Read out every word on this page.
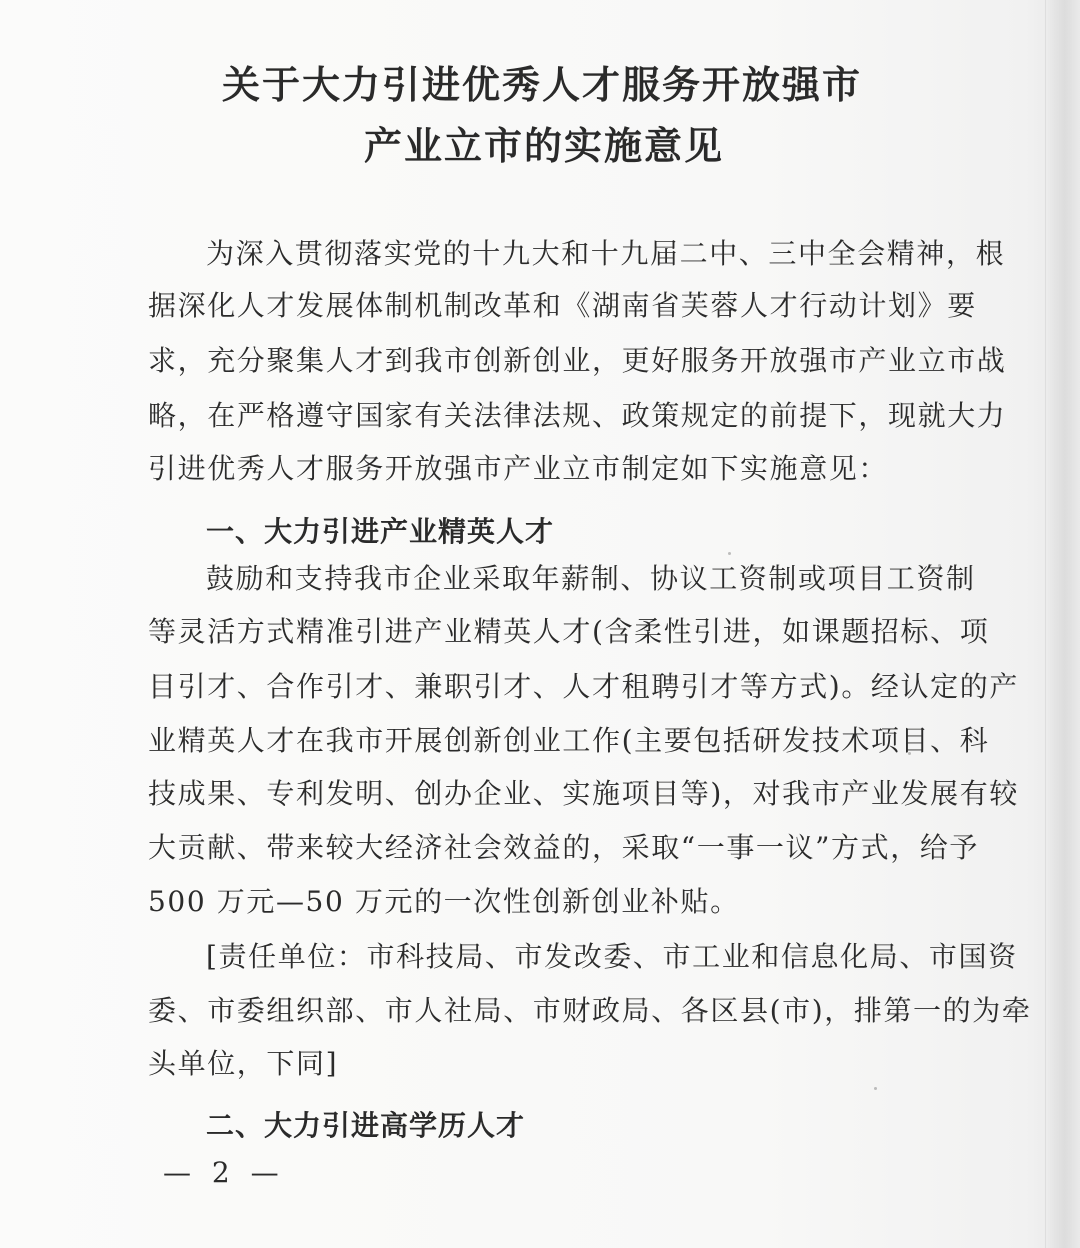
关于大力引进优秀人才服务开放强市
产业立市的实施意见
为深入贯彻落实党的十九大和十九届二中、三中全会精神，根
据深化人才发展体制机制改革和《湖南省芙蓉人才行动计划》要
求，充分聚集人才到我市创新创业，更好服务开放强市产业立市战
略，在严格遵守国家有关法律法规、政策规定的前提下，现就大力
引进优秀人才服务开放强市产业立市制定如下实施意见：
一、大力引进产业精英人才
鼓励和支持我市企业采取年薪制、协议工资制或项目工资制
等灵活方式精准引进产业精英人才(含柔性引进，如课题招标、项
目引才、合作引才、兼职引才、人才租聘引才等方式)。经认定的产
业精英人才在我市开展创新创业工作(主要包括研发技术项目、科
技成果、专利发明、创办企业、实施项目等)，对我市产业发展有较
大贡献、带来较大经济社会效益的，采取“一事一议”方式，给予
500 万元—50 万元的一次性创新创业补贴。
[责任单位：市科技局、市发改委、市工业和信息化局、市国资
委、市委组织部、市人社局、市财政局、各区县(市)，排第一的为牵
头单位，下同]
二、大力引进高学历人才
— 2 —
